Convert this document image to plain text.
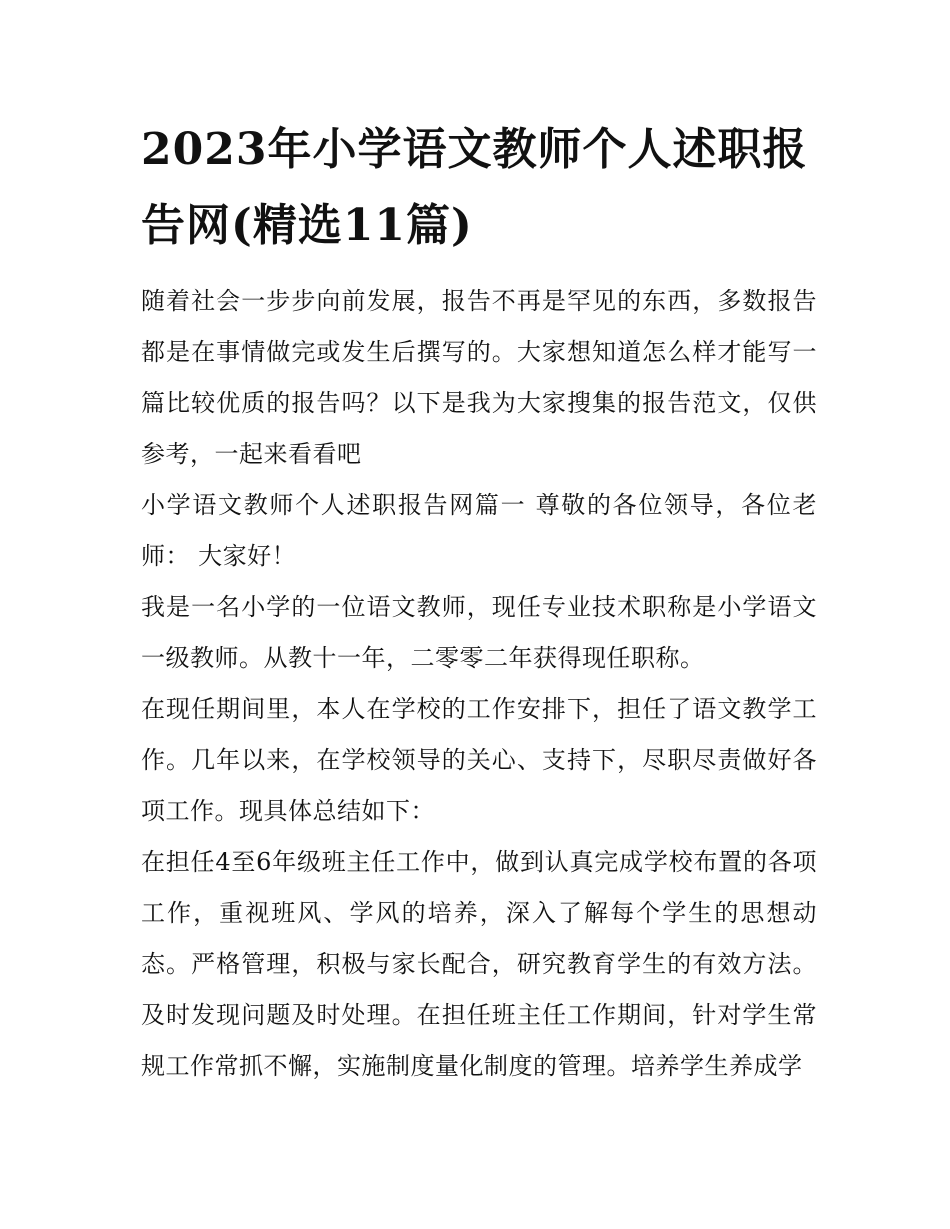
2023年小学语文教师个人述职报告网(精选11篇)

随着社会一步步向前发展，报告不再是罕见的东西，多数报告都是在事情做完或发生后撰写的。大家想知道怎么样才能写一篇比较优质的报告吗？以下是我为大家搜集的报告范文，仅供参考，一起来看看吧

小学语文教师个人述职报告网篇一 尊敬的各位领导，各位老师： 大家好！

我是一名小学的一位语文教师，现任专业技术职称是小学语文一级教师。从教十一年，二零零二年获得现任职称。

在现任期间里，本人在学校的工作安排下，担任了语文教学工作。几年以来，在学校领导的关心、支持下，尽职尽责做好各项工作。现具体总结如下：

在担任4至6年级班主任工作中，做到认真完成学校布置的各项工作，重视班风、学风的培养，深入了解每个学生的思想动态。严格管理，积极与家长配合，研究教育学生的有效方法。及时发现问题及时处理。在担任班主任工作期间，针对学生常规工作常抓不懈，实施制度量化制度的管理。培养学生养成学
